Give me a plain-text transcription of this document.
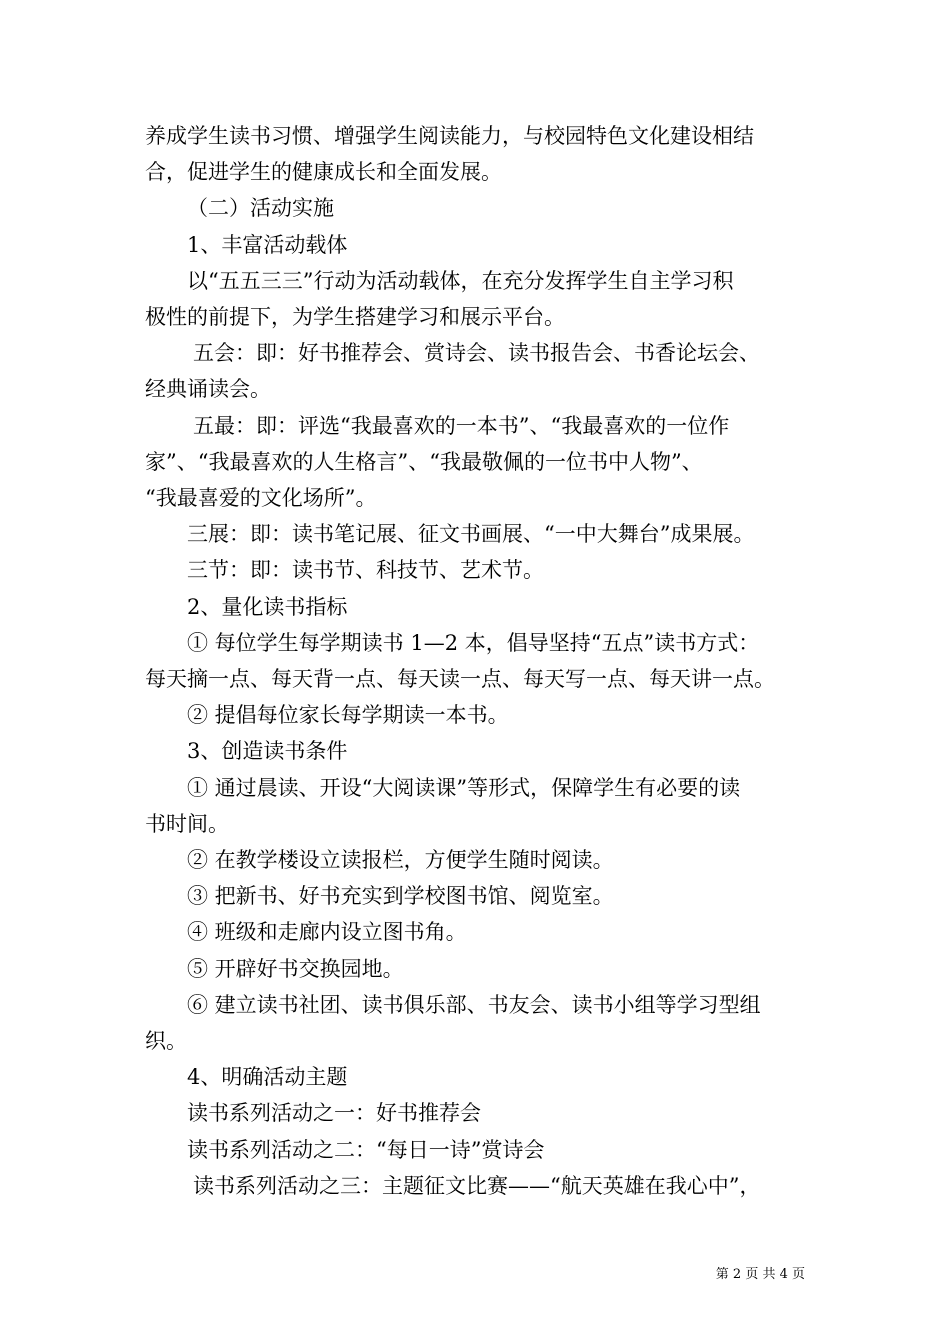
养成学生读书习惯、增强学生阅读能力，与校园特色文化建设相结

合，促进学生的健康成长和全面发展。

（二）活动实施

1、丰富活动载体

以“五五三三”行动为活动载体，在充分发挥学生自主学习积

极性的前提下，为学生搭建学习和展示平台。

五会：即：好书推荐会、赏诗会、读书报告会、书香论坛会、

经典诵读会。

五最：即：评选“我最喜欢的一本书”、“我最喜欢的一位作

家”、“我最喜欢的人生格言”、“我最敬佩的一位书中人物”、

“我最喜爱的文化场所”。

三展：即：读书笔记展、征文书画展、“一中大舞台”成果展。

三节：即：读书节、科技节、艺术节。

2、量化读书指标

① 每位学生每学期读书 1—2 本，倡导坚持“五点”读书方式：

每天摘一点、每天背一点、每天读一点、每天写一点、每天讲一点。

② 提倡每位家长每学期读一本书。

3、创造读书条件

① 通过晨读、开设“大阅读课”等形式，保障学生有必要的读

书时间。

② 在教学楼设立读报栏，方便学生随时阅读。

③ 把新书、好书充实到学校图书馆、阅览室。

④ 班级和走廊内设立图书角。

⑤ 开辟好书交换园地。

⑥ 建立读书社团、读书俱乐部、书友会、读书小组等学习型组

织。

4、明确活动主题

读书系列活动之一：好书推荐会

读书系列活动之二：“每日一诗”赏诗会

读书系列活动之三：主题征文比赛——“航天英雄在我心中”，

第 2 页 共 4 页
